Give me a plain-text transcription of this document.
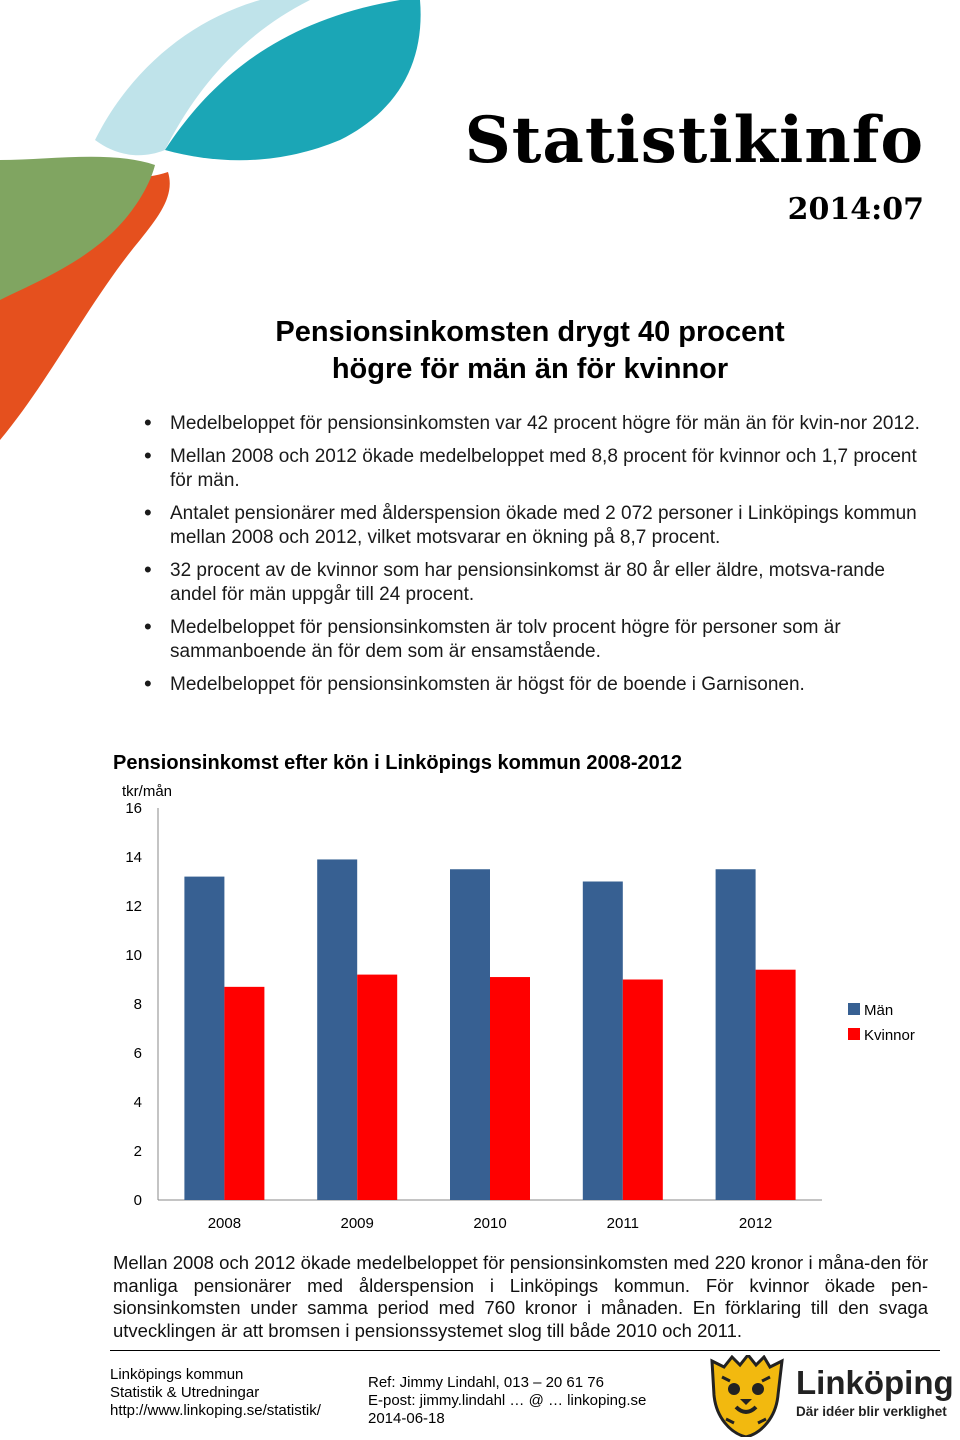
Statistikinfo
2014:07
Pensionsinkomsten drygt 40 procent
högre för män än för kvinnor
• Medelbeloppet för pensionsinkomsten var 42 procent högre för män än för kvin-nor 2012.
• Mellan 2008 och 2012 ökade medelbeloppet med 8,8 procent för kvinnor och 1,7 procent för män.
• Antalet pensionärer med ålderspension ökade med 2 072 personer i Linköpings kommun mellan 2008 och 2012, vilket motsvarar en ökning på 8,7 procent.
• 32 procent av de kvinnor som har pensionsinkomst är 80 år eller äldre, motsva-rande andel för män uppgår till 24 procent.
• Medelbeloppet för pensionsinkomsten är tolv procent högre för personer som är sammanboende än för dem som är ensamstående.
• Medelbeloppet för pensionsinkomsten är högst för de boende i Garnisonen.
Pensionsinkomst efter kön i Linköpings kommun 2008-2012
tkr/mån
0
2
4
6
8
10
12
14
16
2008	2009	2010	2011	2012
Män
Kvinnor
Mellan 2008 och 2012 ökade medelbeloppet för pensionsinkomsten med 220 kronor i måna-den för manliga pensionärer med ålderspension i Linköpings kommun. För kvinnor ökade pen-sionsinkomsten under samma period med 760 kronor i månaden. En förklaring till den svaga utvecklingen är att bromsen i pensionssystemet slog till både 2010 och 2011.
Linköpings kommun
Statistik & Utredningar
http://www.linkoping.se/statistik/
Ref: Jimmy Lindahl, 013 – 20 61 76
E-post: jimmy.lindahl … @ … linkoping.se
2014-06-18
Linköping
Där idéer blir verklighet
